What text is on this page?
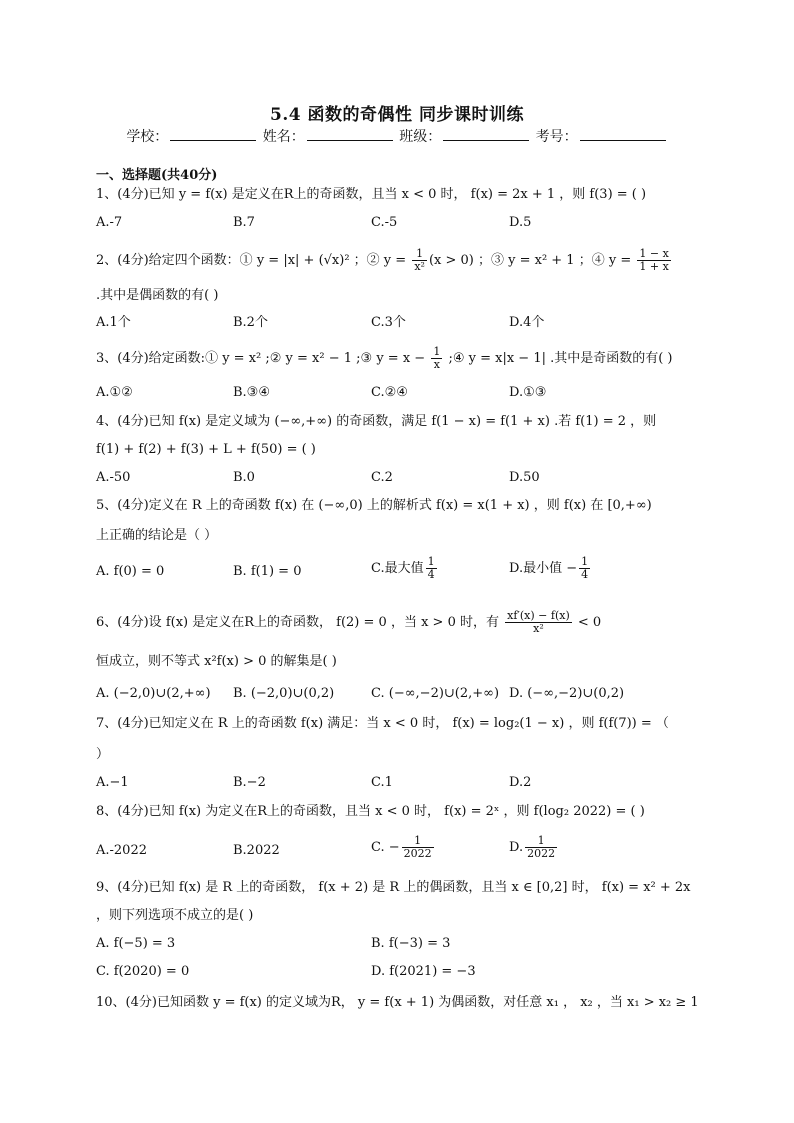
5.4 函数的奇偶性 同步课时训练
学校：	姓名：	班级：	考号：
一、选择题(共40分)
1、(4分)已知 y = f(x) 是定义在R上的奇函数，且当 x < 0 时， f(x) = 2x + 1 ，则 f(3) = ( )
A.-7	B.7	C.-5	D.5
2、(4分)给定四个函数：① y = |x| + (√x)² ；② $y = \frac{1}{\text{x²}} (x > 0)$ ；③ y = x² + 1 ；④ $y = \frac{1 - x}{1 + x}$
.其中是偶函数的有( )
A.1个	B.2个	C.3个	D.4个
3、(4分)给定函数:① y = x² ;② y = x² − 1 ;③ $y = x - \frac{1}{x}$ ;④ y = x|x − 1| .其中是奇函数的有( )
A.①②	B.③④	C.②④	D.①③
4、(4分)已知 f(x) 是定义域为 (−∞,+∞) 的奇函数，满足 f(1 − x) = f(1 + x) .若 f(1) = 2 ，则
f(1) + f(2) + f(3) + L + f(50) = ( )
A.-50	B.0	C.2	D.50
5、(4分)定义在 R 上的奇函数 f(x) 在 (−∞,0) 上的解析式 f(x) = x(1 + x) ，则 f(x) 在 [0,+∞)
上正确的结论是（ ）
A. f(0) = 0	B. f(1) = 0	C.最大值 $\frac{1}{4}$	D.最小值 − $\frac{1}{4}$
6、(4分)设 f(x) 是定义在R上的奇函数， f(2) = 0 ，当 x > 0 时，有 $\frac{xf'(x) - f(x)}{\text{x²}} < 0$
恒成立，则不等式 x²f(x) > 0 的解集是( )
A. (−2,0)∪(2,+∞) B. (−2,0)∪(0,2)	C. (−∞,−2)∪(2,+∞) D. (−∞,−2)∪(0,2)
7、(4分)已知定义在 R 上的奇函数 f(x) 满足：当 x < 0 时， f(x) = log₂(1 − x) ，则 f(f(7)) = （
）
A.−1	B.−2	C.1	D.2
8、(4分)已知 f(x) 为定义在R上的奇函数，且当 x < 0 时， f(x) = 2ˣ ，则 f(log₂ 2022) = ( )
A.-2022	B.2022	C. − $\frac{1}{2022}$	D. $\frac{1}{2022}$
9、(4分)已知 f(x) 是 R 上的奇函数， f(x + 2) 是 R 上的偶函数，且当 x ∈ [0,2] 时， f(x) = x² + 2x
，则下列选项不成立的是( )
A. f(−5) = 3	B. f(−3) = 3
C. f(2020) = 0	D. f(2021) = −3
10、(4分)已知函数 y = f(x) 的定义域为R， y = f(x + 1) 为偶函数，对任意 x₁ ， x₂ ，当 x₁ > x₂ ≥ 1
